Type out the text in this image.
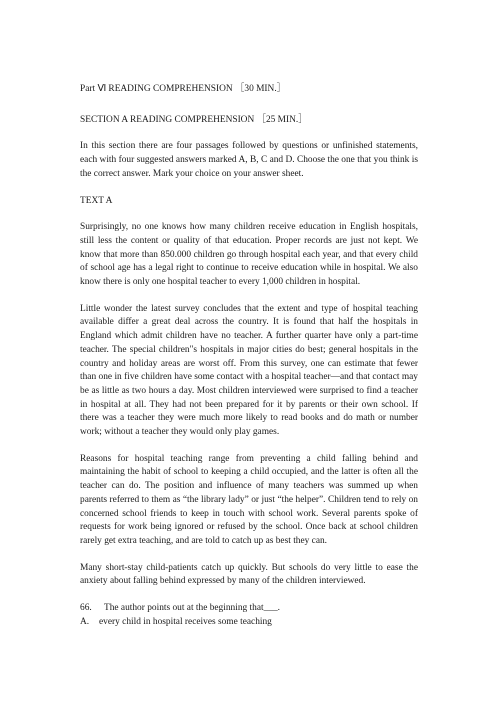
Part Ⅵ READING COMPREHENSION ［30 MIN.］

SECTION A READING COMPREHENSION ［25 MIN.］

In this section there are four passages followed by questions or unfinished statements, each with four suggested answers marked A, B, C and D. Choose the one that you think is the correct answer. Mark your choice on your answer sheet.

TEXT A

Surprisingly, no one knows how many children receive education in English hospitals, still less the content or quality of that education. Proper records are just not kept. We know that more than 850.000 children go through hospital each year, and that every child of school age has a legal right to continue to receive education while in hospital. We also know there is only one hospital teacher to every 1,000 children in hospital.

Little wonder the latest survey concludes that the extent and type of hospital teaching available differ a great deal across the country. It is found that half the hospitals in England which admit children have no teacher. A further quarter have only a part-time teacher. The special children"s hospitals in major cities do best; general hospitals in the country and holiday areas are worst off. From this survey, one can estimate that fewer than one in five children have some contact with a hospital teacher—and that contact may be as little as two hours a day. Most children interviewed were surprised to find a teacher in hospital at all. They had not been prepared for it by parents or their own school. If there was a teacher they were much more likely to read books and do math or number work; without a teacher they would only play games.

Reasons for hospital teaching range from preventing a child falling behind and maintaining the habit of school to keeping a child occupied, and the latter is often all the teacher can do. The position and influence of many teachers was summed up when parents referred to them as “the library lady” or just “the helper”. Children tend to rely on concerned school friends to keep in touch with school work. Several parents spoke of requests for work being ignored or refused by the school. Once back at school children rarely get extra teaching, and are told to catch up as best they can.

Many short-stay child-patients catch up quickly. But schools do very little to ease the anxiety about falling behind expressed by many of the children interviewed.

66. The author points out at the beginning that___.

A. every child in hospital receives some teaching
